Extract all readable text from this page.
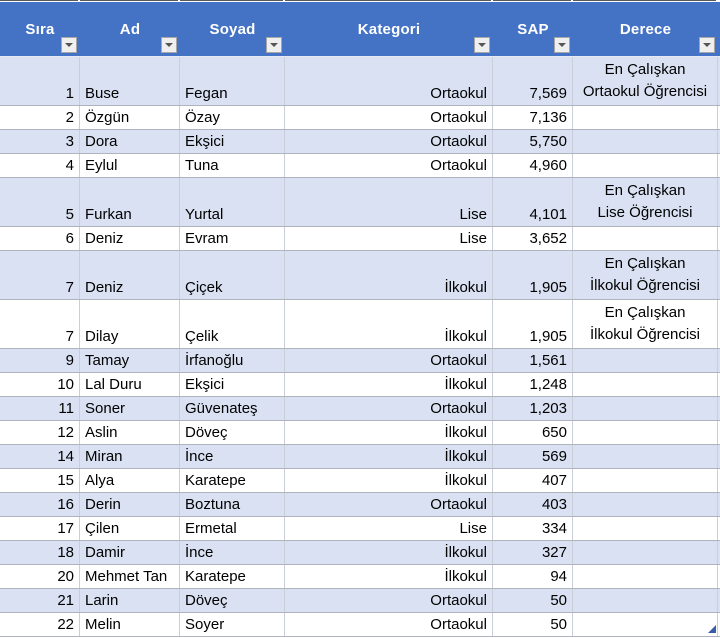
Sıra	Ad	Soyad	Kategori	SAP	Derece
1 Buse	Fegan	Ortaokul	7,569
En Çalışkan
Ortaokul Öğrencisi
2 Özgün	Özay	Ortaokul	7,136
3 Dora	Ekşici	Ortaokul	5,750
4 Eylul	Tuna	Ortaokul	4,960
5 Furkan	Yurtal	Lise	4,101
En Çalışkan
Lise Öğrencisi
6 Deniz	Evram	Lise	3,652
7 Deniz	Çiçek	İlkokul	1,905
En Çalışkan
İlkokul Öğrencisi
7 Dilay	Çelik	İlkokul	1,905
En Çalışkan
İlkokul Öğrencisi
9 Tamay	İrfanoğlu	Ortaokul	1,561
10 Lal Duru	Ekşici	İlkokul	1,248
11 Soner	Güvenateş	Ortaokul	1,203
12 Aslin	Döveç	İlkokul	650
14 Miran	İnce	İlkokul	569
15 Alya	Karatepe	İlkokul	407
16 Derin	Boztuna	Ortaokul	403
17 Çilen	Ermetal	Lise	334
18 Damir	İnce	İlkokul	327
20 Mehmet Tan Karatepe	İlkokul	94
21 Larin	Döveç	Ortaokul	50
22 Melin	Soyer	Ortaokul	50
